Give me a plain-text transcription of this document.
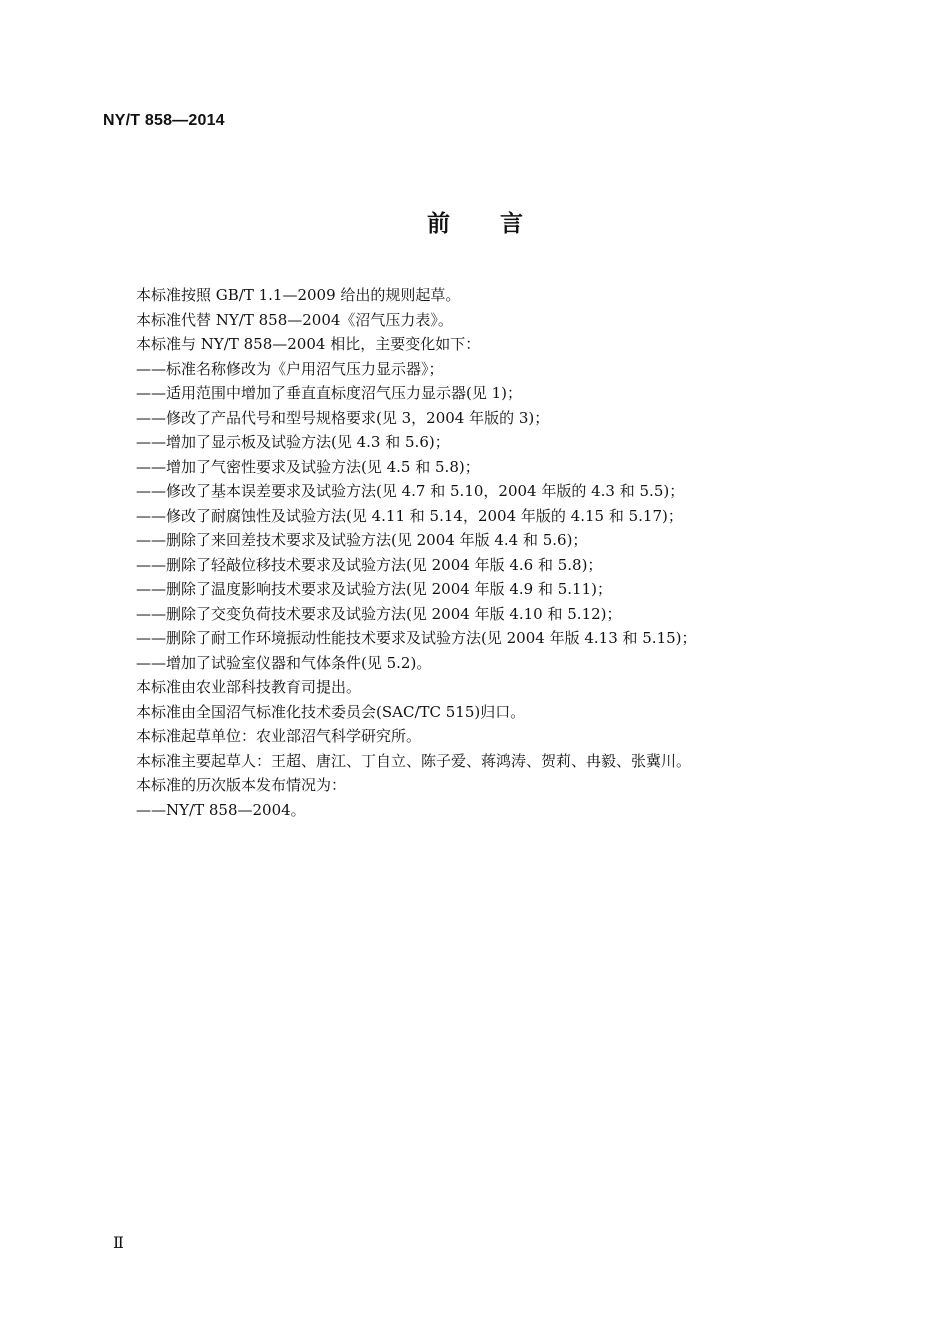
NY/T 858—2014
前言
本标准按照 GB/T 1.1—2009 给出的规则起草。
本标准代替 NY/T 858—2004《沼气压力表》。
本标准与 NY/T 858—2004 相比，主要变化如下：
——标准名称修改为《户用沼气压力显示器》；
——适用范围中增加了垂直直标度沼气压力显示器(见 1)；
——修改了产品代号和型号规格要求(见 3，2004 年版的 3)；
——增加了显示板及试验方法(见 4.3 和 5.6)；
——增加了气密性要求及试验方法(见 4.5 和 5.8)；
——修改了基本误差要求及试验方法(见 4.7 和 5.10，2004 年版的 4.3 和 5.5)；
——修改了耐腐蚀性及试验方法(见 4.11 和 5.14，2004 年版的 4.15 和 5.17)；
——删除了来回差技术要求及试验方法(见 2004 年版 4.4 和 5.6)；
——删除了轻敲位移技术要求及试验方法(见 2004 年版 4.6 和 5.8)；
——删除了温度影响技术要求及试验方法(见 2004 年版 4.9 和 5.11)；
——删除了交变负荷技术要求及试验方法(见 2004 年版 4.10 和 5.12)；
——删除了耐工作环境振动性能技术要求及试验方法(见 2004 年版 4.13 和 5.15)；
——增加了试验室仪器和气体条件(见 5.2)。
本标准由农业部科技教育司提出。
本标准由全国沼气标准化技术委员会(SAC/TC 515)归口。
本标准起草单位：农业部沼气科学研究所。
本标准主要起草人：王超、唐江、丁自立、陈子爱、蒋鸿涛、贺莉、冉毅、张冀川。
本标准的历次版本发布情况为：
——NY/T 858—2004。
Ⅱ
